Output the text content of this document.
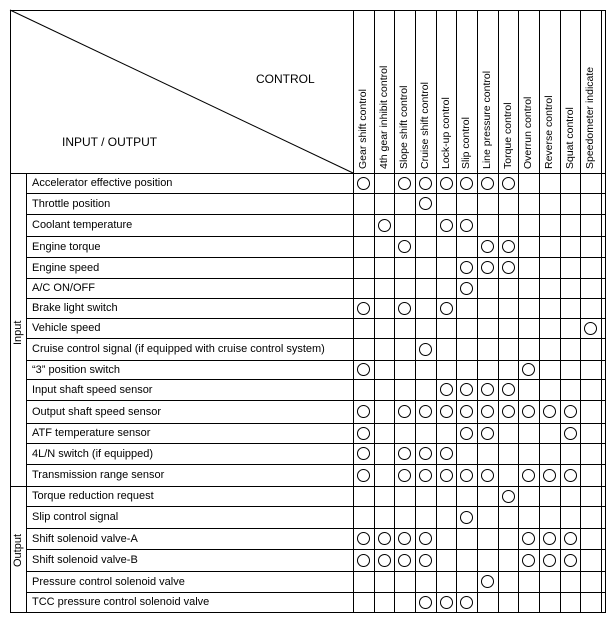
CONTROL
INPUT / OUTPUT	Gear shift control 4th gear inhibit control Slope shift control Cruise shift control Lock-up control Slip control Line pressure control Torque control Overrun control Reverse control Squat control Speedometer indicate
Input
Accelerator effective position
Throttle position
Coolant temperature
Engine torque
Engine speed
A/C ON/OFF
Brake light switch
Vehicle speed
Cruise control signal (if equipped with cruise control system)
“3” position switch
Input shaft speed sensor
Output shaft speed sensor
ATF temperature sensor
4L/N switch (if equipped)
Transmission range sensor
Output
Torque reduction request
Slip control signal
Shift solenoid valve-A
Shift solenoid valve-B
Pressure control solenoid valve
TCC pressure control solenoid valve
